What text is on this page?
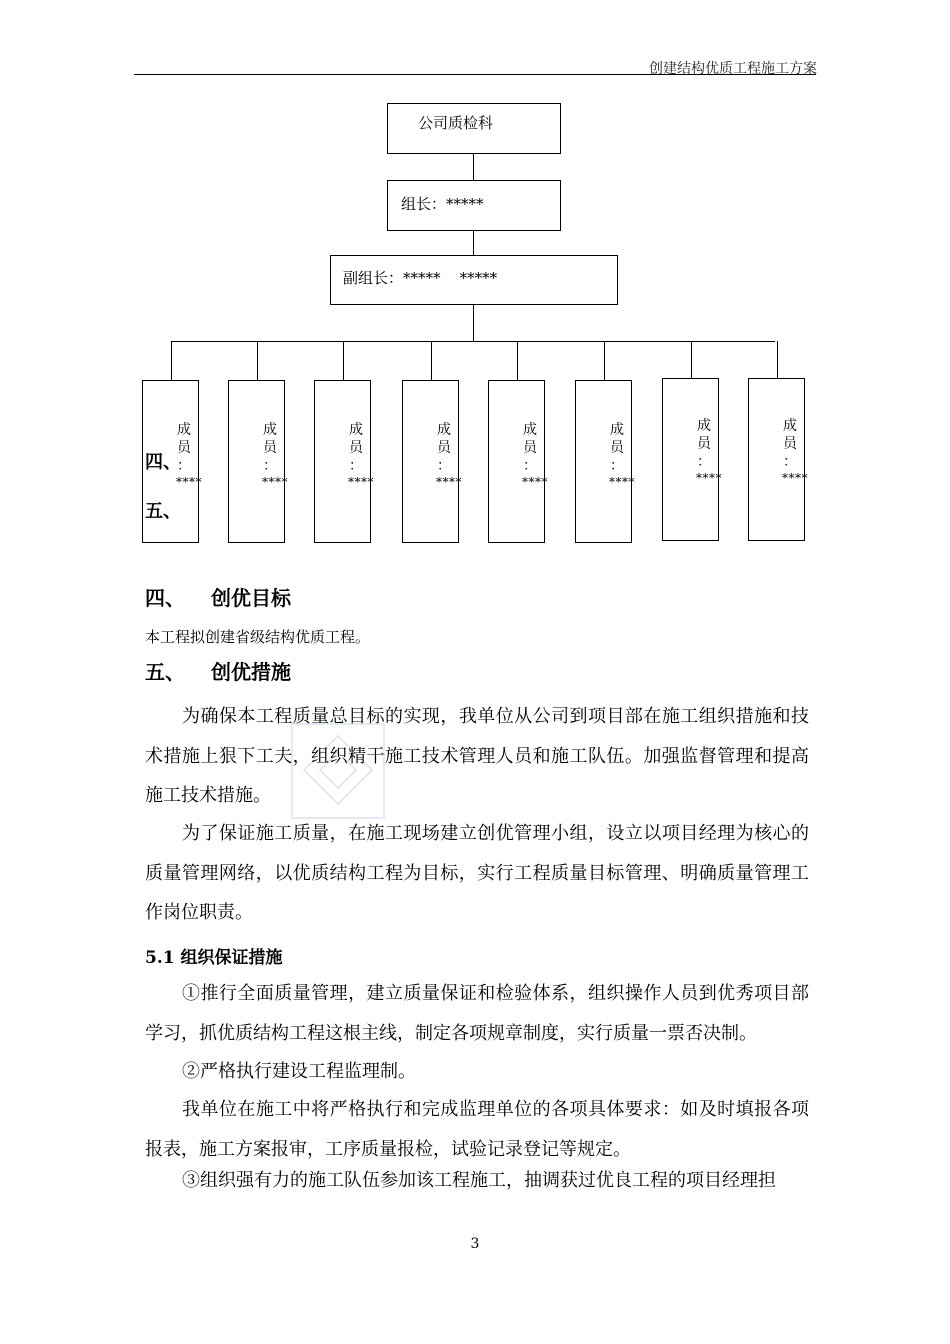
创建结构优质工程施工方案
公司质检科
组长：*****
副组长：*****    *****
成
员
：
****
成
员
：
****
成
员
：
****
成
员
：
****
成
员
：
****
成
员
：
****
成
员
：
****
成
员
：
****
四、
五、
四、 创优目标
本工程拟创建省级结构优质工程。
五、 创优措施
为确保本工程质量总目标的实现，我单位从公司到项目部在施工组织措施和技术措施上狠下工夫，组织精干施工技术管理人员和施工队伍。加强监督管理和提高施工技术措施。
为了保证施工质量，在施工现场建立创优管理小组，设立以项目经理为核心的质量管理网络，以优质结构工程为目标，实行工程质量目标管理、明确质量管理工作岗位职责。
5.1 组织保证措施
①推行全面质量管理，建立质量保证和检验体系，组织操作人员到优秀项目部学习，抓优质结构工程这根主线，制定各项规章制度，实行质量一票否决制。
②严格执行建设工程监理制。
我单位在施工中将严格执行和完成监理单位的各项具体要求：如及时填报各项报表，施工方案报审，工序质量报检，试验记录登记等规定。
③组织强有力的施工队伍参加该工程施工，抽调获过优良工程的项目经理担
3
